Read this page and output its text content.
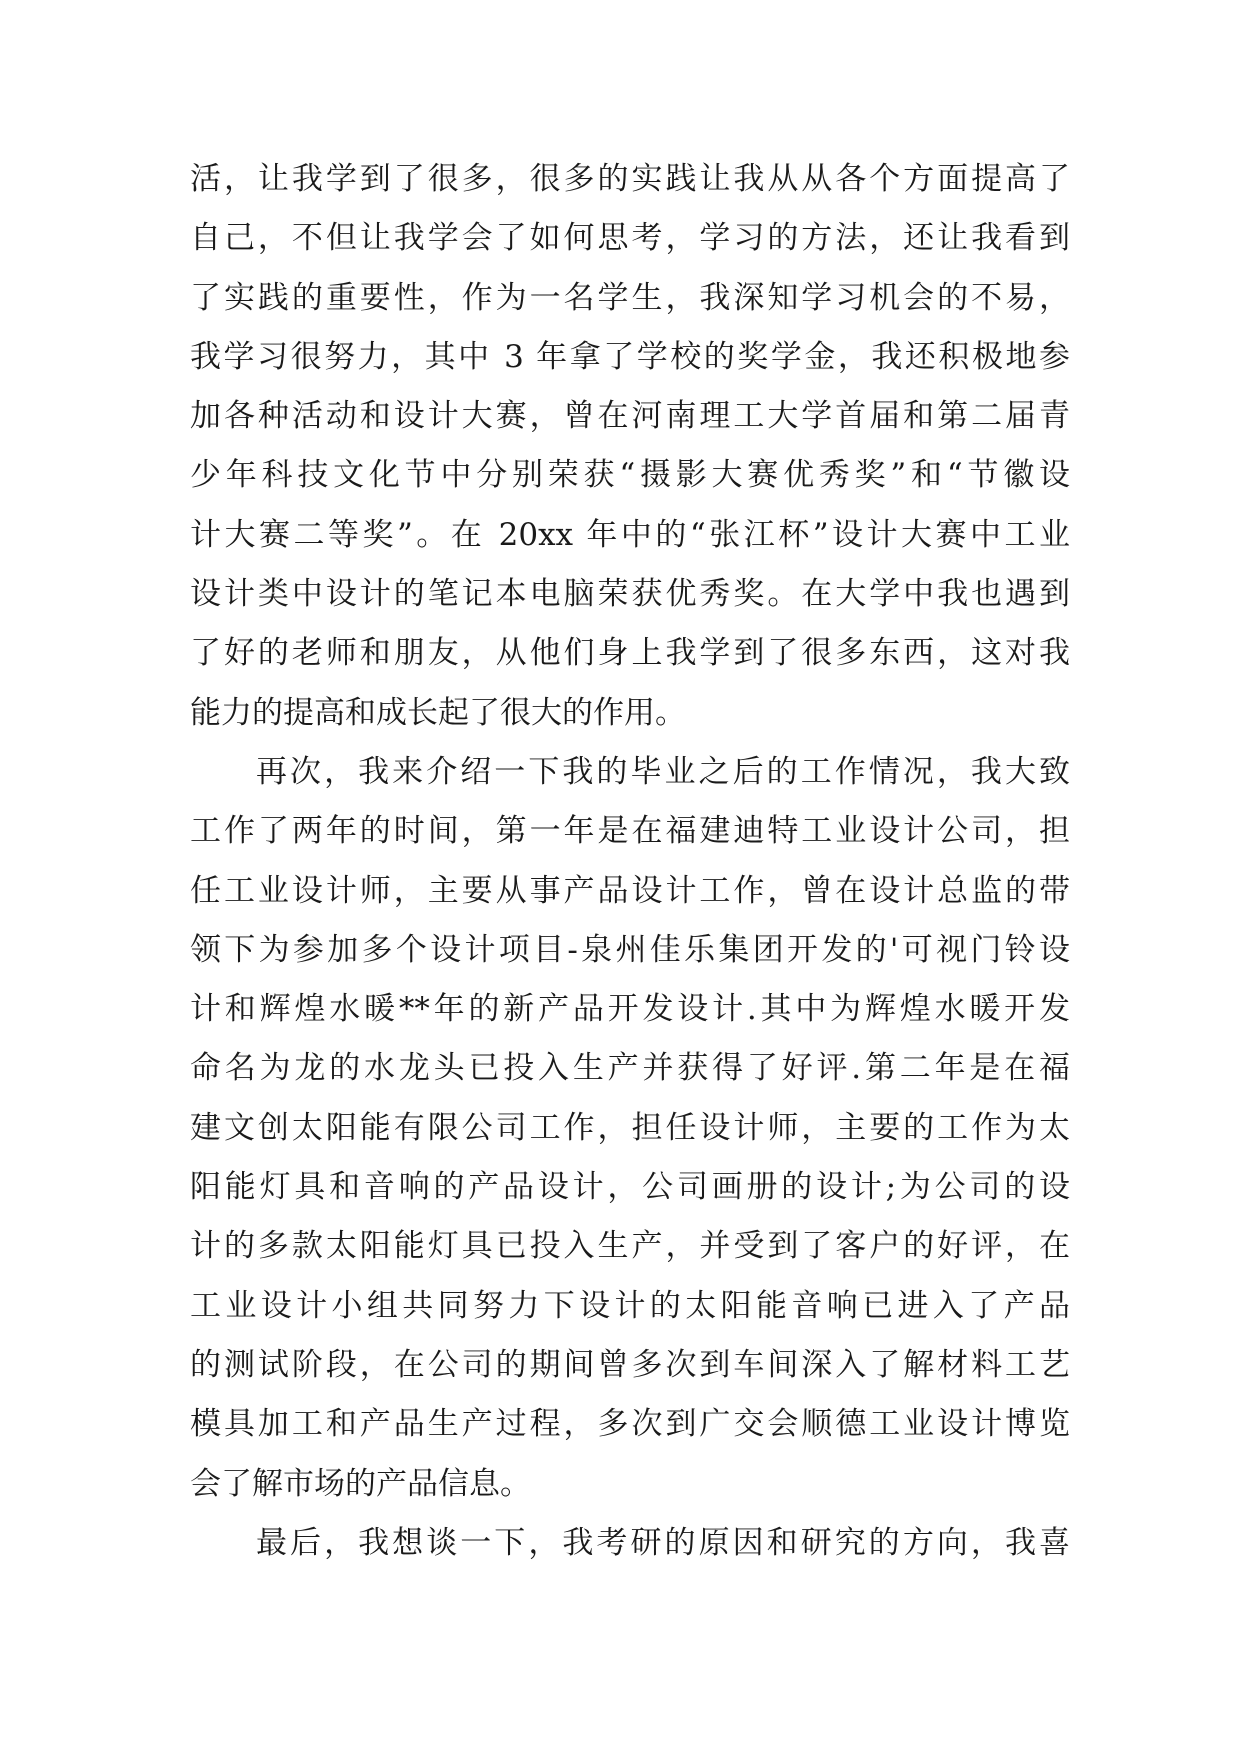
活，让我学到了很多，很多的实践让我从从各个方面提高了
自己，不但让我学会了如何思考，学习的方法，还让我看到
了实践的重要性，作为一名学生，我深知学习机会的不易，
我学习很努力，其中 3 年拿了学校的奖学金，我还积极地参
加各种活动和设计大赛，曾在河南理工大学首届和第二届青
少年科技文化节中分别荣获“摄影大赛优秀奖”和“节徽设
计大赛二等奖”。在 20xx 年中的“张江杯”设计大赛中工业
设计类中设计的笔记本电脑荣获优秀奖。在大学中我也遇到
了好的老师和朋友，从他们身上我学到了很多东西，这对我
能力的提高和成长起了很大的作用。
再次，我来介绍一下我的毕业之后的工作情况，我大致
工作了两年的时间，第一年是在福建迪特工业设计公司，担
任工业设计师，主要从事产品设计工作，曾在设计总监的带
领下为参加多个设计项目-泉州佳乐集团开发的'可视门铃设
计和辉煌水暖**年的新产品开发设计.其中为辉煌水暖开发
命名为龙的水龙头已投入生产并获得了好评.第二年是在福
建文创太阳能有限公司工作，担任设计师，主要的工作为太
阳能灯具和音响的产品设计，公司画册的设计;为公司的设
计的多款太阳能灯具已投入生产，并受到了客户的好评，在
工业设计小组共同努力下设计的太阳能音响已进入了产品
的测试阶段，在公司的期间曾多次到车间深入了解材料工艺
模具加工和产品生产过程，多次到广交会顺德工业设计博览
会了解市场的产品信息。
最后，我想谈一下，我考研的原因和研究的方向，我喜
